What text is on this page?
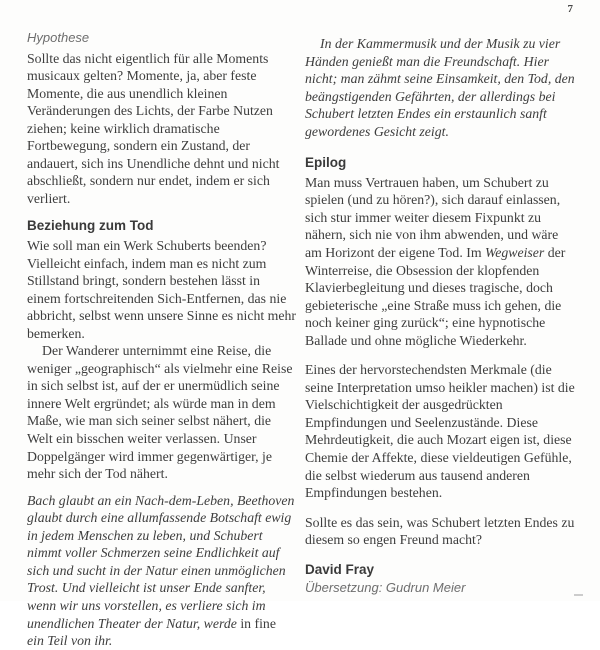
7

Hypothese

Sollte das nicht eigentlich für alle Moments musicaux gelten? Momente, ja, aber feste Momente, die aus unendlich kleinen Veränderungen des Lichts, der Farbe Nutzen ziehen; keine wirklich dramatische Fortbewegung, sondern ein Zustand, der andauert, sich ins Unendliche dehnt und nicht abschließt, sondern nur endet, indem er sich verliert.

Beziehung zum Tod

Wie soll man ein Werk Schuberts beenden? Vielleicht einfach, indem man es nicht zum Stillstand bringt, sondern bestehen lässt in einem fortschreitenden Sich-Entfernen, das nie abbricht, selbst wenn unsere Sinne es nicht mehr bemerken.

Der Wanderer unternimmt eine Reise, die weniger „geographisch“ als vielmehr eine Reise in sich selbst ist, auf der er unermüdlich seine innere Welt ergründet; als würde man in dem Maße, wie man sich seiner selbst nähert, die Welt ein bisschen weiter verlassen. Unser Doppelgänger wird immer gegenwärtiger, je mehr sich der Tod nähert.

Bach glaubt an ein Nach-dem-Leben, Beethoven glaubt durch eine allumfassende Botschaft ewig in jedem Menschen zu leben, und Schubert nimmt voller Schmerzen seine Endlichkeit auf sich und sucht in der Natur einen unmöglichen Trost. Und vielleicht ist unser Ende sanfter, wenn wir uns vorstellen, es verliere sich im unendlichen Theater der Natur, werde in fine ein Teil von ihr.

In der Kammermusik und der Musik zu vier Händen genießt man die Freundschaft. Hier nicht; man zähmt seine Einsamkeit, den Tod, den beängstigenden Gefährten, der allerdings bei Schubert letzten Endes ein erstaunlich sanft gewordenes Gesicht zeigt.

Epilog

Man muss Vertrauen haben, um Schubert zu spielen (und zu hören?), sich darauf einlassen, sich stur immer weiter diesem Fixpunkt zu nähern, sich nie von ihm abwenden, und wäre am Horizont der eigene Tod. Im Wegweiser der Winterreise, die Obsession der klopfenden Klavierbegleitung und dieses tragische, doch gebieterische „eine Straße muss ich gehen, die noch keiner ging zurück“; eine hypnotische Ballade und ohne mögliche Wiederkehr.

Eines der hervorstechendsten Merkmale (die seine Interpretation umso heikler machen) ist die Vielschichtigkeit der ausgedrückten Empfindungen und Seelenzustände. Diese Mehrdeutigkeit, die auch Mozart eigen ist, diese Chemie der Affekte, diese vieldeutigen Gefühle, die selbst wiederum aus tausend anderen Empfindungen bestehen.

Sollte es das sein, was Schubert letzten Endes zu diesem so engen Freund macht?

David Fray

Übersetzung: Gudrun Meier
